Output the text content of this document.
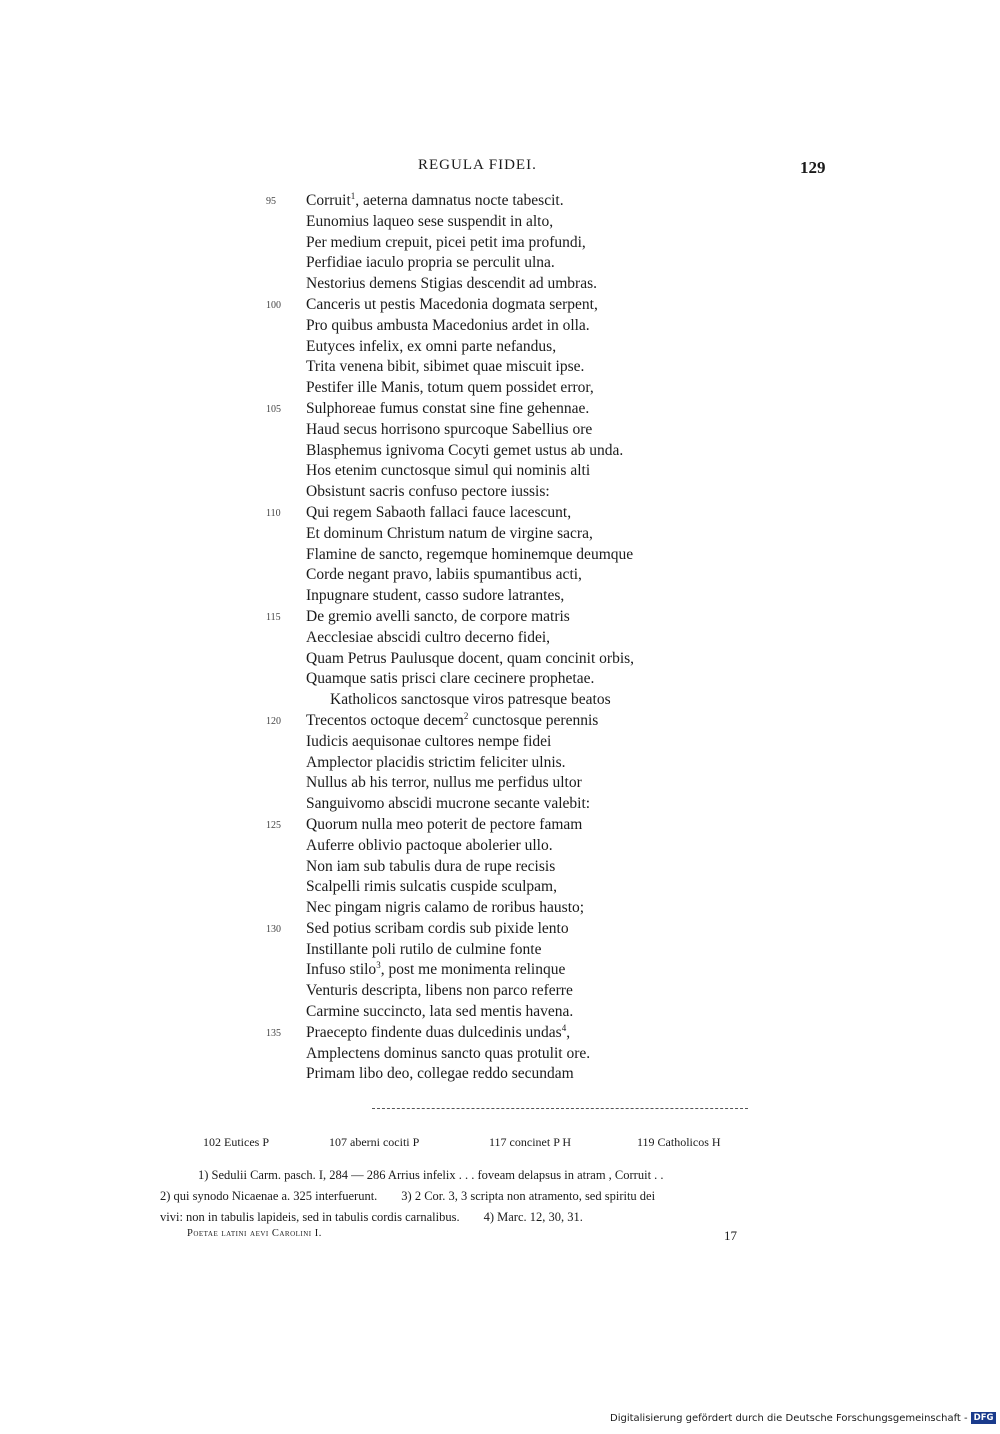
REGULA FIDEI.	129
95	Corruit$^1$, aeterna damnatus nocte tabescit.
Eunomius laqueo sese suspendit in alto,
Per medium crepuit, picei petit ima profundi,
Perfidiae iaculo propria se perculit ulna.
Nestorius demens Stigias descendit ad umbras.
100	Canceris ut pestis Macedonia dogmata serpent,
Pro quibus ambusta Macedonius ardet in olla.
Eutyces infelix, ex omni parte nefandus,
Trita venena bibit, sibimet quae miscuit ipse.
Pestifer ille Manis, totum quem possidet error,
105	Sulphoreae fumus constat sine fine gehennae.
Haud secus horrisono spurcoque Sabellius ore
Blasphemus ignivoma Cocyti gemet ustus ab unda.
Hos etenim cunctosque simul qui nominis alti
Obsistunt sacris confuso pectore iussis:
110	Qui regem Sabaoth fallaci fauce lacescunt,
Et dominum Christum natum de virgine sacra,
Flamine de sancto, regemque hominemque deumque
Corde negant pravo, labiis spumantibus acti,
Inpugnare student, casso sudore latrantes,
115	De gremio avelli sancto, de corpore matris
Aecclesiae abscidi cultro decerno fidei,
Quam Petrus Paulusque docent, quam concinit orbis,
Quamque satis prisci clare cecinere prophetae.
Katholicos sanctosque viros patresque beatos
120	Trecentos octoque decem$^2$ cunctosque perennis
Iudicis aequisonae cultores nempe fidei
Amplector placidis strictim feliciter ulnis.
Nullus ab his terror, nullus me perfidus ultor
Sanguivomo abscidi mucrone secante valebit:
125	Quorum nulla meo poterit de pectore famam
Auferre oblivio pactoque abolerier ullo.
Non iam sub tabulis dura de rupe recisis
Scalpelli rimis sulcatis cuspide sculpam,
Nec pingam nigris calamo de roribus hausto;
130	Sed potius scribam cordis sub pixide lento
Instillante poli rutilo de culmine fonte
Infuso stilo$^3$, post me monimenta relinque
Venturis descripta, libens non parco referre
Carmine succincto, lata sed mentis havena.
135	Praecepto findente duas dulcedinis undas$^4$,
Amplectens dominus sancto quas protulit ore.
Primam libo deo, collegae reddo secundam
102 Eutices P	107 aberni cociti P	117 concinet P H	119 Catholicos H
1) Sedulii Carm. pasch. I, 284 — 286 Arrius infelix . . . foveam delapsus in atram , Corruit . .
2) qui synodo Nicaenae a. 325 interfuerunt. 3) 2 Cor. 3, 3 scripta non atramento, sed spiritu dei
vivi: non in tabulis lapideis, sed in tabulis cordis carnalibus. 4) Marc. 12, 30, 31.
Poetae latini aevi Carolini I.	17
Digitalisierung gefördert durch die Deutsche Forschungsgemeinschaft - DFG
